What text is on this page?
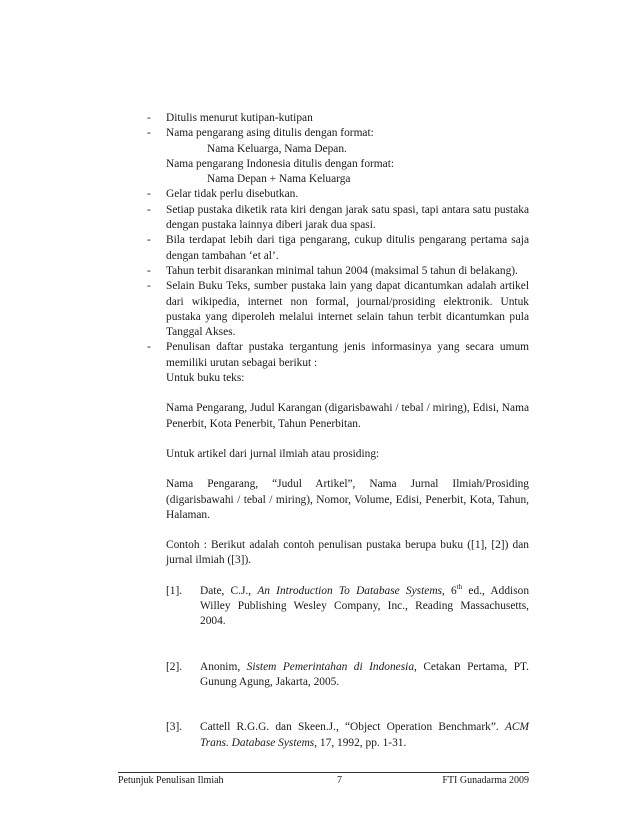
- Ditulis menurut kutipan-kutipan
- Nama pengarang asing ditulis dengan format:
Nama Keluarga, Nama Depan.
Nama pengarang Indonesia ditulis dengan format:
Nama Depan + Nama Keluarga
- Gelar tidak perlu disebutkan.
- Setiap pustaka diketik rata kiri dengan jarak satu spasi, tapi antara satu pustaka dengan pustaka lainnya diberi jarak dua spasi.
- Bila terdapat lebih dari tiga pengarang, cukup ditulis pengarang pertama saja dengan tambahan ‘et al’.
- Tahun terbit disarankan minimal tahun 2004 (maksimal 5 tahun di belakang).
- Selain Buku Teks, sumber pustaka lain yang dapat dicantumkan adalah artikel dari wikipedia, internet non formal, journal/prosiding elektronik. Untuk pustaka yang diperoleh melalui internet selain tahun terbit dicantumkan pula Tanggal Akses.
- Penulisan daftar pustaka tergantung jenis informasinya yang secara umum memiliki urutan sebagai berikut :
Untuk buku teks:
Nama Pengarang, Judul Karangan (digarisbawahi / tebal / miring), Edisi, Nama Penerbit, Kota Penerbit, Tahun Penerbitan.
Untuk artikel dari jurnal ilmiah atau prosiding:
Nama Pengarang, “Judul Artikel”, Nama Jurnal Ilmiah/Prosiding (digarisbawahi / tebal / miring), Nomor, Volume, Edisi, Penerbit, Kota, Tahun, Halaman.
Contoh : Berikut adalah contoh penulisan pustaka berupa buku ([1], [2]) dan jurnal ilmiah ([3]).
[1].	Date, C.J., An Introduction To Database Systems, 6th ed., Addison Willey Publishing Wesley Company, Inc., Reading Massachusetts, 2004.
[2].	Anonim, Sistem Pemerintahan di Indonesia, Cetakan Pertama, PT. Gunung Agung, Jakarta, 2005.
[3].	Cattell R.G.G. dan Skeen.J., “Object Operation Benchmark”. ACM Trans. Database Systems, 17, 1992, pp. 1-31.
Petunjuk Penulisan Ilmiah	7	FTI Gunadarma 2009
